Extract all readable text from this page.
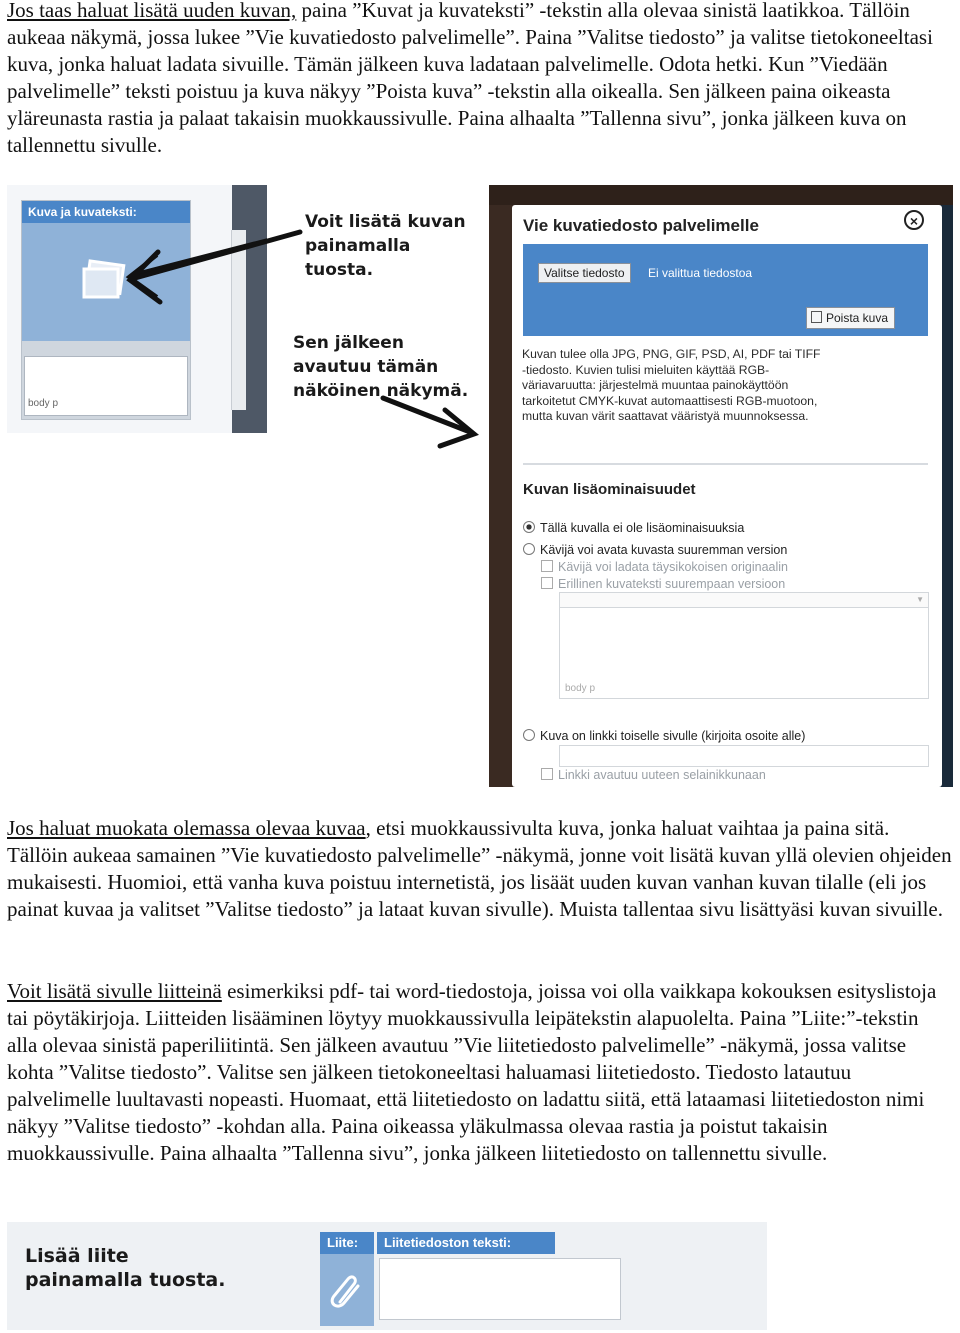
Jos taas haluat lisätä uuden kuvan, paina ”Kuvat ja kuvateksti” -tekstin alla olevaa sinistä laatikkoa. Tällöin aukeaa näkymä, jossa lukee ”Vie kuvatiedosto palvelimelle”. Paina ”Valitse tiedosto” ja valitse tietokoneeltasi kuva, jonka haluat ladata sivuille. Tämän jälkeen kuva ladataan palvelimelle. Odota hetki. Kun ”Viedään palvelimelle” teksti poistuu ja kuva näkyy ”Poista kuva” -tekstin alla oikealla. Sen jälkeen paina oikeasta yläreunasta rastia ja palaat takaisin muokkaussivulle. Paina alhaalta ”Tallenna sivu”, jonka jälkeen kuva on tallennettu sivulle.

Kuva ja kuvateksti:
body p
Voit lisätä kuvan painamalla tuosta.
Sen jälkeen avautuu tämän näköinen näkymä.
Vie kuvatiedosto palvelimelle	×
Valitse tiedosto	Ei valittua tiedostoa
Poista kuva
Kuvan tulee olla JPG, PNG, GIF, PSD, AI, PDF tai TIFF -tiedosto. Kuvien tulisi mieluiten käyttää RGB-väriavaruutta: järjestelmä muuntaa painokäyttöön tarkoitetut CMYK-kuvat automaattisesti RGB-muotoon, mutta kuvan värit saattavat vääristyä muunnoksessa.
Kuvan lisäominaisuudet
Tällä kuvalla ei ole lisäominaisuuksia
Kävijä voi avata kuvasta suuremman version
Kävijä voi ladata täysikokoisen originaalin
Erillinen kuvateksti suurempaan versioon
▼
body p
Kuva on linkki toiselle sivulle (kirjoita osoite alle)
Linkki avautuu uuteen selainikkunaan

Jos haluat muokata olemassa olevaa kuvaa, etsi muokkaussivulta kuva, jonka haluat vaihtaa ja paina sitä. Tällöin aukeaa samainen ”Vie kuvatiedosto palvelimelle” -näkymä, jonne voit lisätä kuvan yllä olevien ohjeiden mukaisesti. Huomioi, että vanha kuva poistuu internetistä, jos lisäät uuden kuvan vanhan kuvan tilalle (eli jos painat kuvaa ja valitset ”Valitse tiedosto” ja lataat kuvan sivulle). Muista tallentaa sivu lisättyäsi kuvan sivuille.

Voit lisätä sivulle liitteinä esimerkiksi pdf- tai word-tiedostoja, joissa voi olla vaikkapa kokouksen esityslistoja tai pöytäkirjoja. Liitteiden lisääminen löytyy muokkaussivulla leipätekstin alapuolelta. Paina ”Liite:”-tekstin alla olevaa sinistä paperiliitintä. Sen jälkeen avautuu ”Vie liitetiedosto palvelimelle” -näkymä, jossa valitse kohta ”Valitse tiedosto”. Valitse sen jälkeen tietokoneeltasi haluamasi liitetiedosto. Tiedosto latautuu palvelimelle luultavasti nopeasti. Huomaat, että liitetiedosto on ladattu siitä, että lataamasi liitetiedoston nimi näkyy ”Valitse tiedosto” -kohdan alla. Paina oikeassa yläkulmassa olevaa rastia ja poistut takaisin muokkaussivulle. Paina alhaalta ”Tallenna sivu”, jonka jälkeen liitetiedosto on tallennettu sivulle.

Lisää liite painamalla tuosta.
Liite:	Liitetiedoston teksti:
